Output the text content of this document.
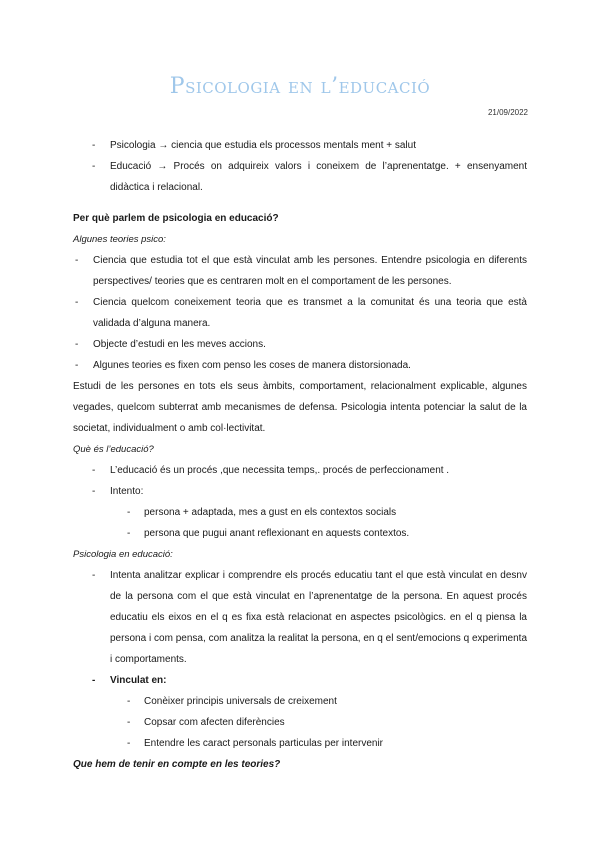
Psicologia en l’educació
21/09/2022
- Psicologia → ciencia que estudia els processos mentals ment + salut
- Educació → Procés on adquireix valors i coneixem de l’aprenentatge. + ensenyament didàctica i relacional.
Per què parlem de psicologia en educació?
Algunes teories psico:
- Ciencia que estudia tot el que està vinculat amb les persones. Entendre psicologia en diferents perspectives/ teories que es centraren molt en el comportament de les persones.
- Ciencia quelcom coneixement teoria que es transmet a la comunitat és una teoria que està validada d’alguna manera.
- Objecte d’estudi en les meves accions.
- Algunes teories es fixen com penso les coses de manera distorsionada.
Estudi de les persones en tots els seus àmbits, comportament, relacionalment explicable, algunes vegades, quelcom subterrat amb mecanismes de defensa. Psicologia intenta potenciar la salut de la societat, individualment o amb col·lectivitat.
Què és l’educació?
- L’educació és un procés ,que necessita temps,. procés de perfeccionament .
- Intento:
- persona + adaptada, mes a gust en els contextos socials
- persona que pugui anant reflexionant en aquests contextos.
Psicologia en educació:
- Intenta analitzar explicar i comprendre els procés educatiu tant el que està vinculat en desnv de la persona com el que està vinculat en l’aprenentatge de la persona. En aquest procés educatiu els eixos en el q es fixa està relacionat en aspectes psicològics. en el q piensa la persona i com pensa, com analitza la realitat la persona, en q el sent/emocions q experimenta i comportaments.
- Vinculat en:
- Conèixer principis universals de creixement
- Copsar com afecten diferències
- Entendre les caract personals particulas per intervenir
Que hem de tenir en compte en les teories?
